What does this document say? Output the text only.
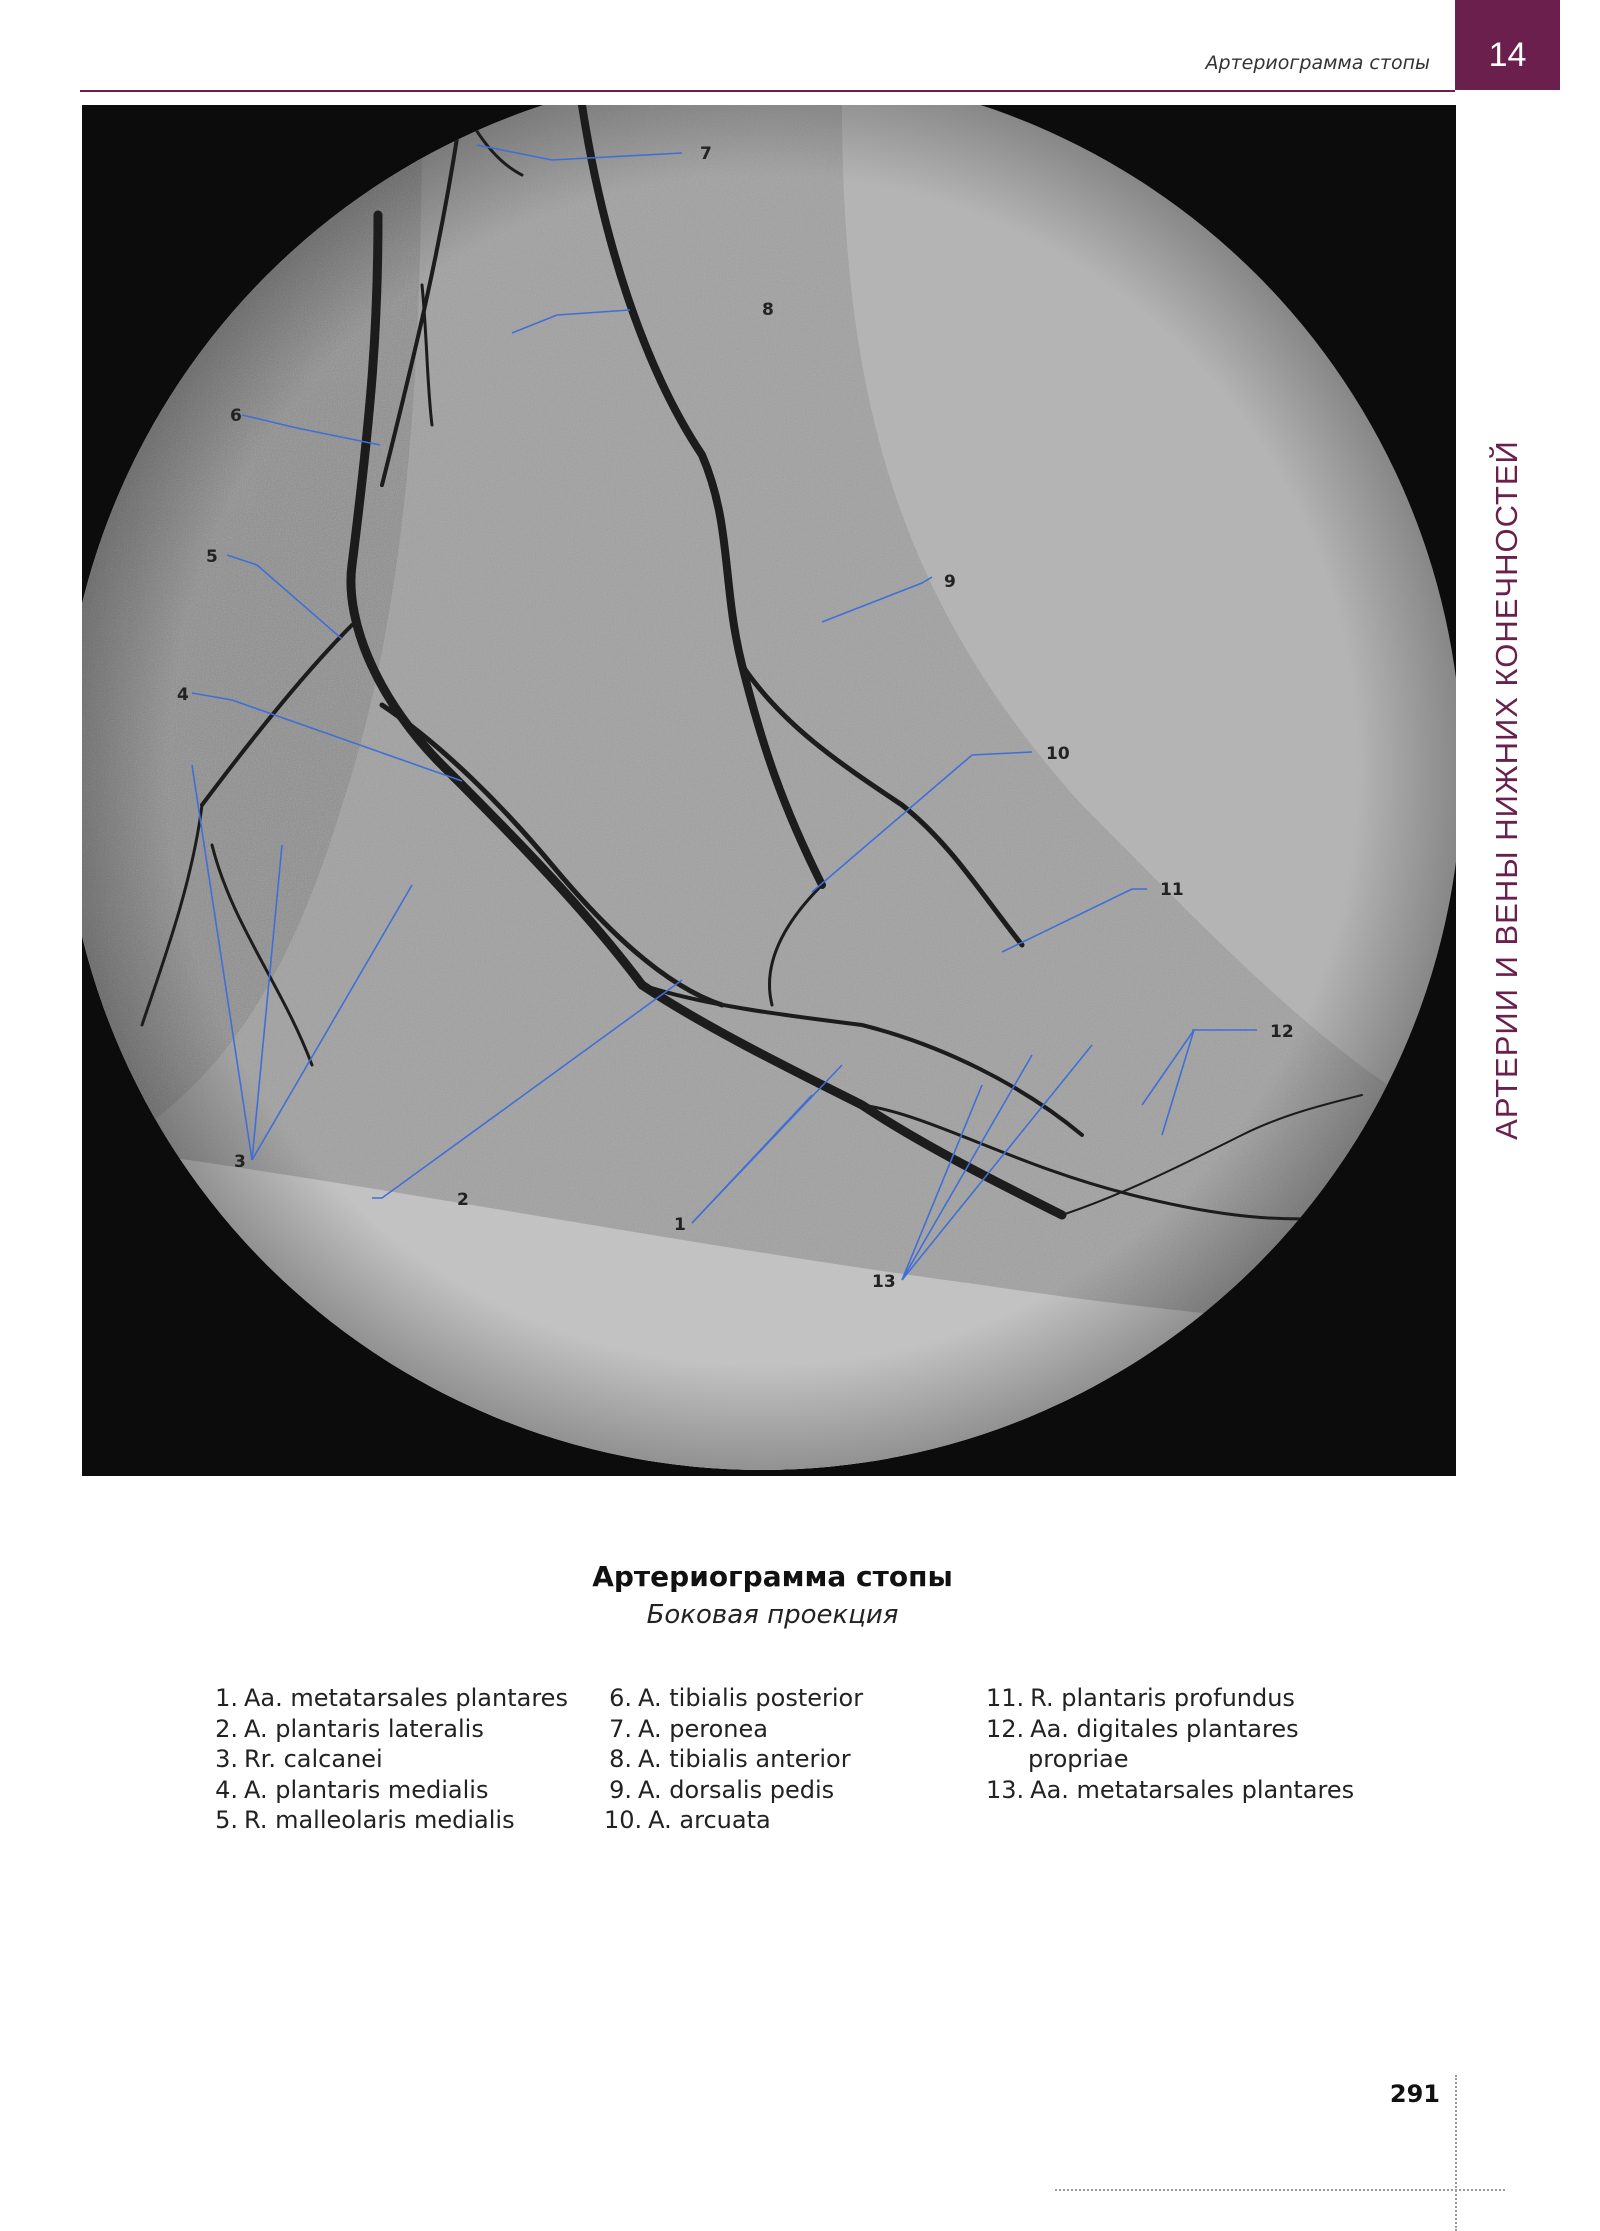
Артериограмма стопы	14
АРТЕРИИ И ВЕНЫ НИЖНИХ КОНЕЧНОСТЕЙ
7
8
6
5
4
9
10
11
12
3
2
1
13
Артериограмма стопы
Боковая проекция
1. Aa. metatarsales plantares
2. A. plantaris lateralis
3. Rr. calcanei
4. A. plantaris medialis
5. R. malleolaris medialis
6. A. tibialis posterior
7. A. peronea
8. A. tibialis anterior
9. A. dorsalis pedis
10. A. arcuata
11. R. plantaris profundus
12. Aa. digitales plantares
propriae
13. Aa. metatarsales plantares
291
